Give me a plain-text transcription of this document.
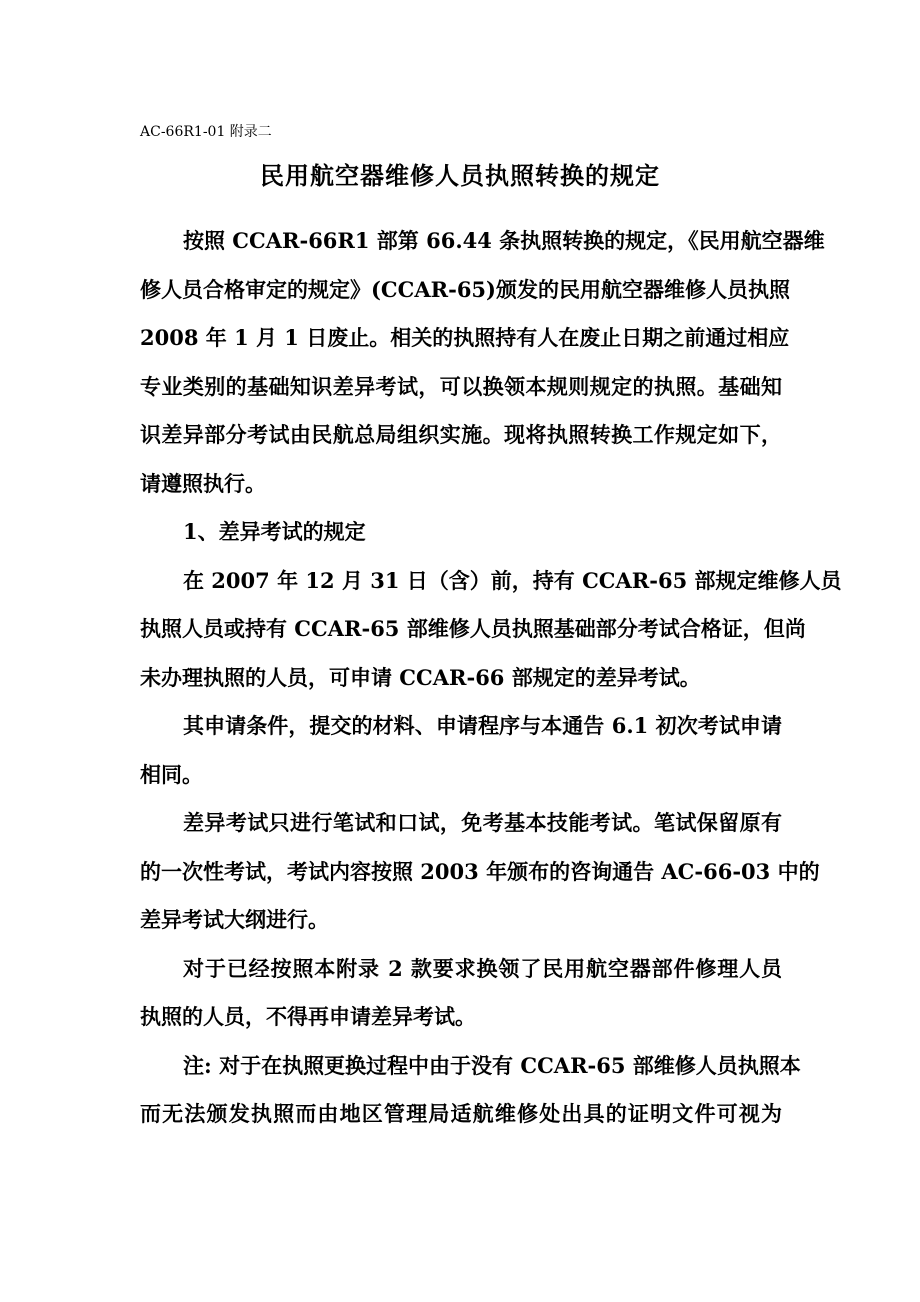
AC-66R1-01 附录二
民用航空器维修人员执照转换的规定
按照 CCAR-66R1 部第 66.44 条执照转换的规定，《民用航空器维
修人员合格审定的规定》(CCAR-65)颁发的民用航空器维修人员执照
2008 年 1 月 1 日废止。相关的执照持有人在废止日期之前通过相应
专业类别的基础知识差异考试，可以换领本规则规定的执照。基础知
识差异部分考试由民航总局组织实施。现将执照转换工作规定如下，
请遵照执行。
1、差异考试的规定
在 2007 年 12 月 31 日（含）前，持有 CCAR-65 部规定维修人员
执照人员或持有 CCAR-65 部维修人员执照基础部分考试合格证，但尚
未办理执照的人员，可申请 CCAR-66 部规定的差异考试。
其申请条件，提交的材料、申请程序与本通告 6.1 初次考试申请
相同。
差异考试只进行笔试和口试，免考基本技能考试。笔试保留原有
的一次性考试，考试内容按照 2003 年颁布的咨询通告 AC-66-03 中的
差异考试大纲进行。
对于已经按照本附录 2 款要求换领了民用航空器部件修理人员
执照的人员，不得再申请差异考试。
注: 对于在执照更换过程中由于没有 CCAR-65 部维修人员执照本
而无法颁发执照而由地区管理局适航维修处出具的证明文件可视为
